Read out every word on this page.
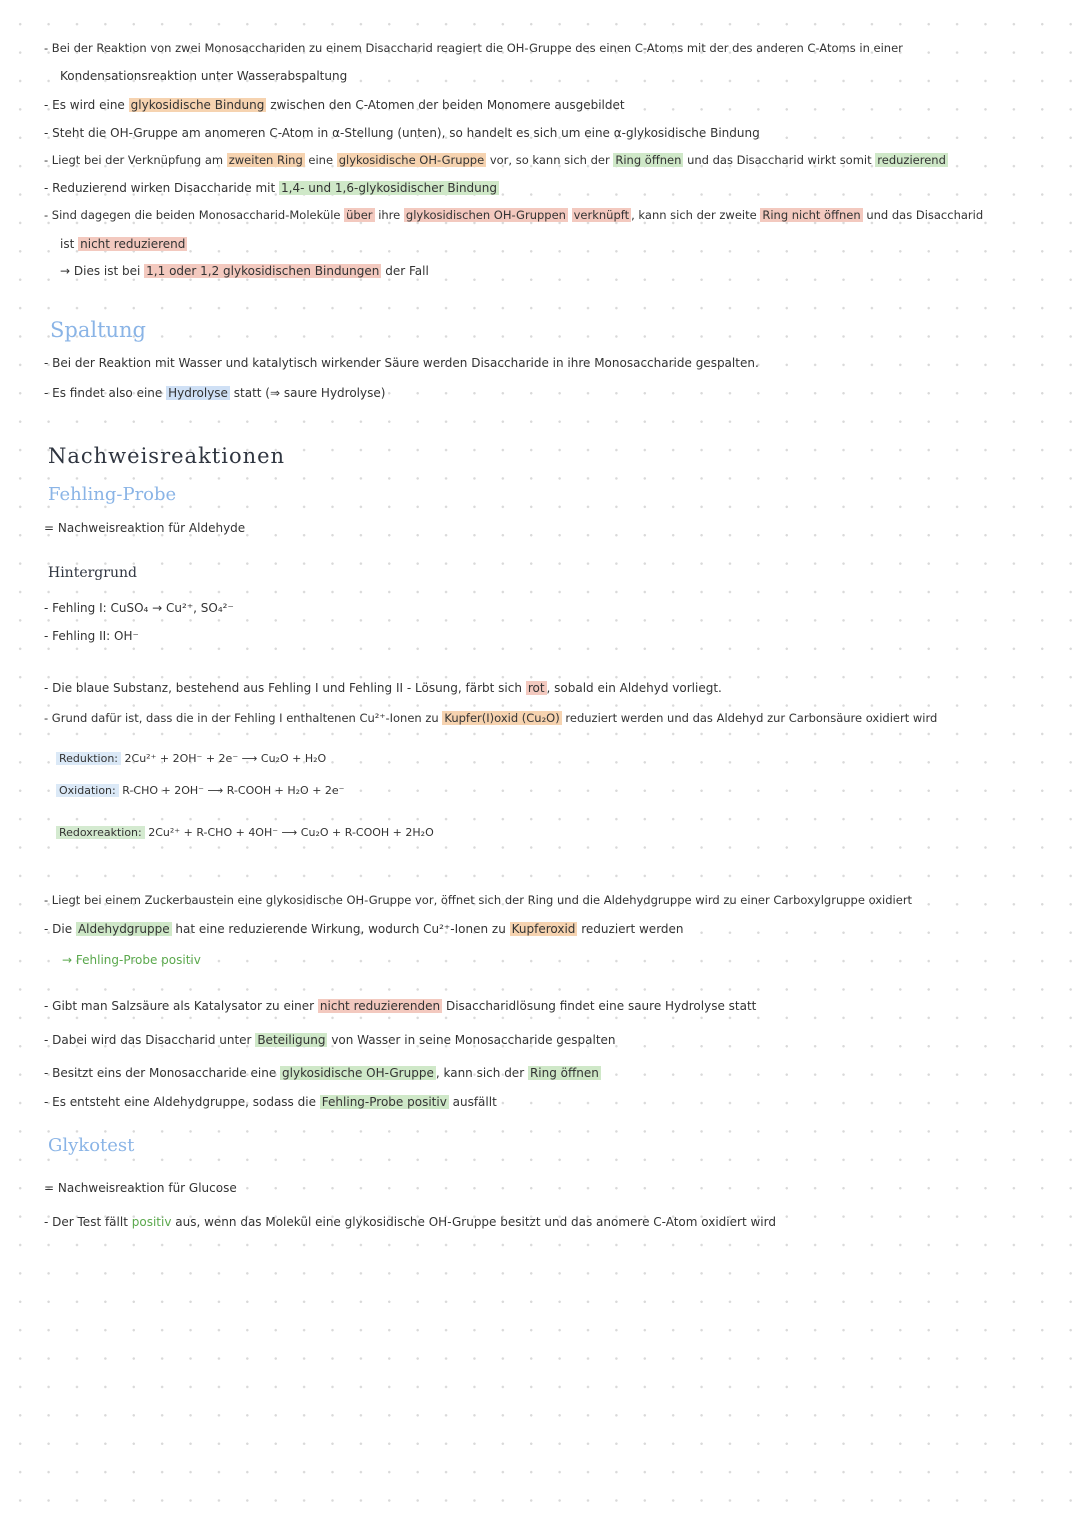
- Bei der Reaktion von zwei Monosacchariden zu einem Disaccharid reagiert die OH-Gruppe des einen C-Atoms mit der des anderen C-Atoms in einer
Kondensationsreaktion unter Wasserabspaltung
- Es wird eine glykosidische Bindung zwischen den C-Atomen der beiden Monomere ausgebildet
- Steht die OH-Gruppe am anomeren C-Atom in α-Stellung (unten), so handelt es sich um eine α-glykosidische Bindung
- Liegt bei der Verknüpfung am zweiten Ring eine glykosidische OH-Gruppe vor, so kann sich der Ring öffnen und das Disaccharid wirkt somit reduzierend
- Reduzierend wirken Disaccharide mit 1,4- und 1,6-glykosidischer Bindung
- Sind dagegen die beiden Monosaccharid-Moleküle über ihre glykosidischen OH-Gruppen verknüpft , kann sich der zweite Ring nicht öffnen und das Disaccharid
ist nicht reduzierend
→ Dies ist bei 1,1 oder 1,2 glykosidischen Bindungen der Fall
Spaltung
- Bei der Reaktion mit Wasser und katalytisch wirkender Säure werden Disaccharide in ihre Monosaccharide gespalten.
- Es findet also eine Hydrolyse statt (⇒ saure Hydrolyse)
Nachweisreaktionen
Fehling-Probe
= Nachweisreaktion für Aldehyde
Hintergrund
- Fehling I: CuSO₄ → Cu²⁺, SO₄²⁻
- Fehling II: OH⁻
- Die blaue Substanz, bestehend aus Fehling I und Fehling II - Lösung, färbt sich rot , sobald ein Aldehyd vorliegt.
- Grund dafür ist, dass die in der Fehling I enthaltenen Cu²⁺-Ionen zu Kupfer(I)oxid (Cu₂O) reduziert werden und das Aldehyd zur Carbonsäure oxidiert wird
Reduktion: 2Cu²⁺ + 2OH⁻ + 2e⁻ ⟶ Cu₂O + H₂O
Oxidation: R-CHO + 2OH⁻ ⟶ R-COOH + H₂O + 2e⁻
Redoxreaktion: 2Cu²⁺ + R-CHO + 4OH⁻ ⟶ Cu₂O + R-COOH + 2H₂O
- Liegt bei einem Zuckerbaustein eine glykosidische OH-Gruppe vor, öffnet sich der Ring und die Aldehydgruppe wird zu einer Carboxylgruppe oxidiert
- Die Aldehydgruppe hat eine reduzierende Wirkung, wodurch Cu²⁺-Ionen zu Kupferoxid reduziert werden
→ Fehling-Probe positiv
- Gibt man Salzsäure als Katalysator zu einer nicht reduzierenden Disaccharidlösung findet eine saure Hydrolyse statt
- Dabei wird das Disaccharid unter Beteiligung von Wasser in seine Monosaccharide gespalten
- Besitzt eins der Monosaccharide eine glykosidische OH-Gruppe , kann sich der Ring öffnen
- Es entsteht eine Aldehydgruppe, sodass die Fehling-Probe positiv ausfällt
Glykotest
= Nachweisreaktion für Glucose
- Der Test fällt positiv aus, wenn das Molekül eine glykosidische OH-Gruppe besitzt und das anomere C-Atom oxidiert wird
